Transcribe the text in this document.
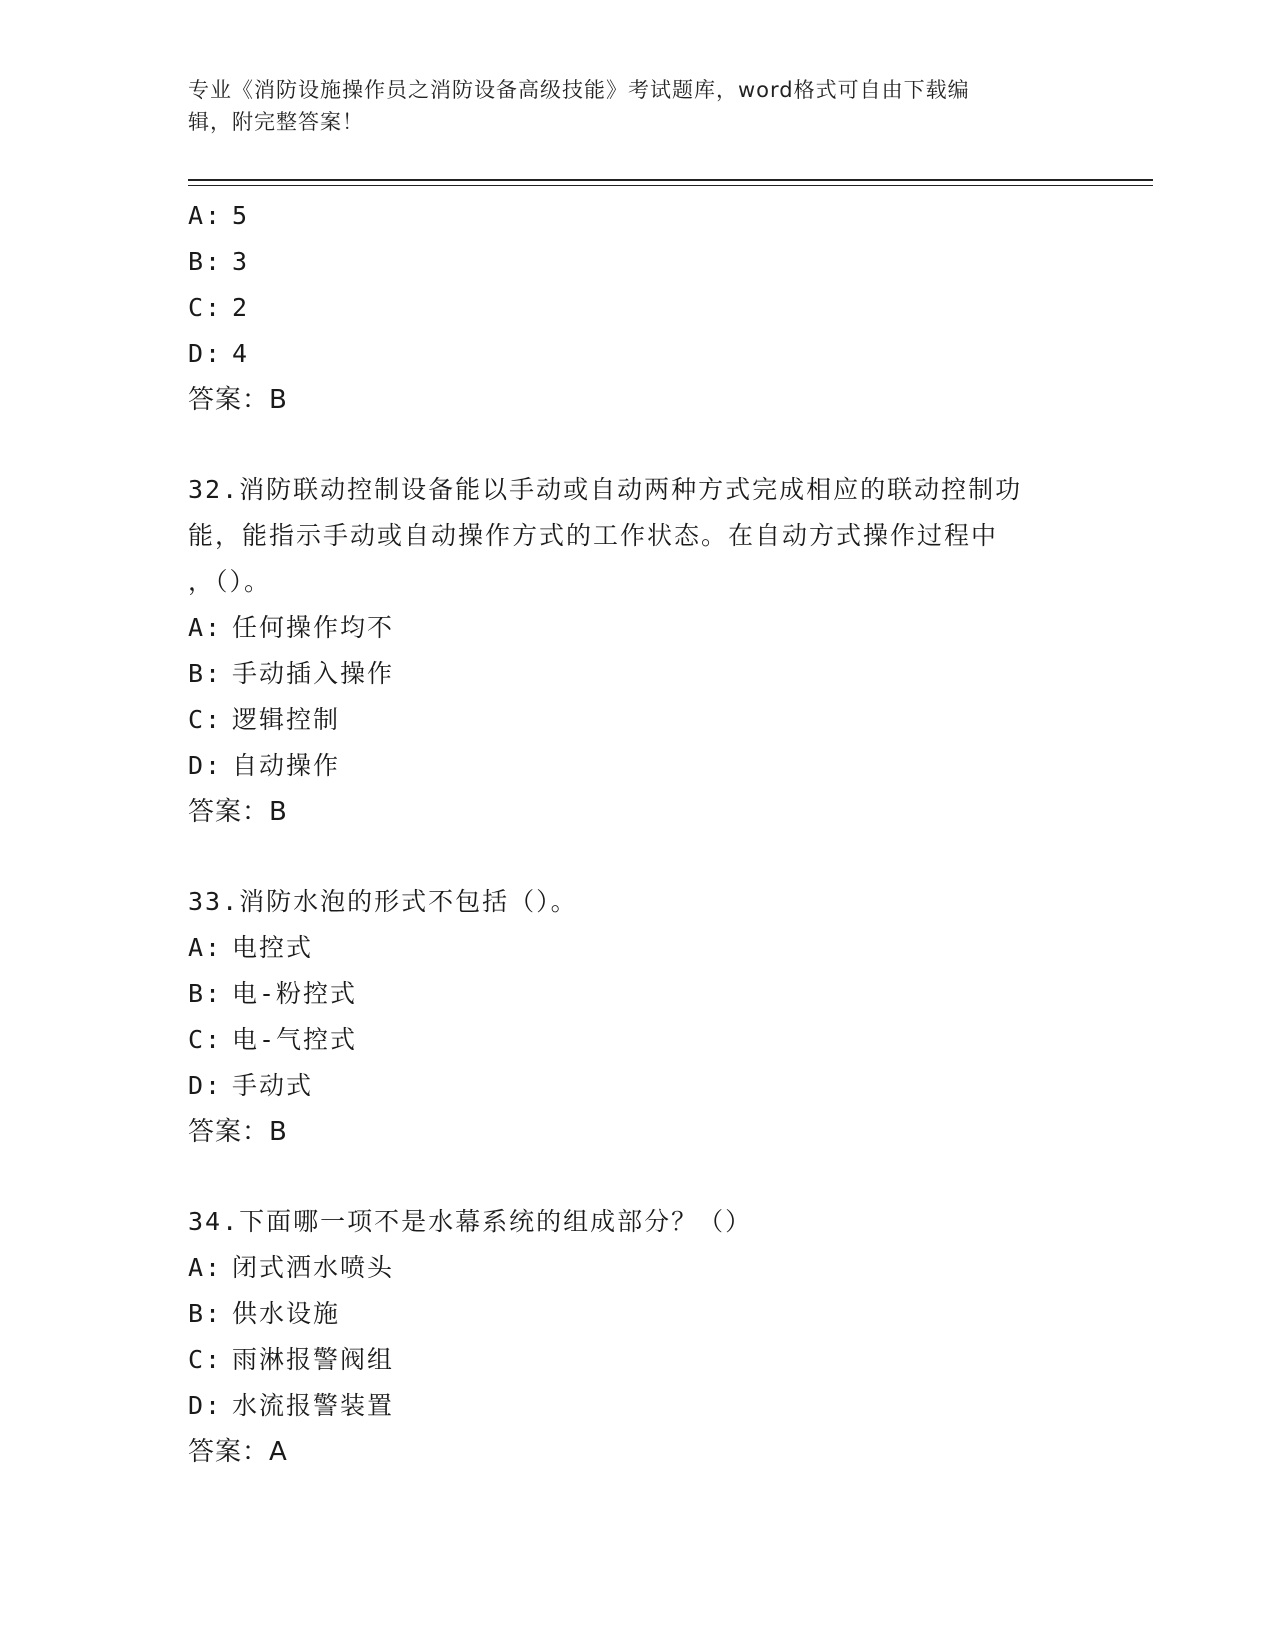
专业《消防设施操作员之消防设备高级技能》考试题库，word格式可自由下载编
辑，附完整答案！
A: 5
B: 3
C: 2
D: 4
答案：B
32.消防联动控制设备能以手动或自动两种方式完成相应的联动控制功
能，能指示手动或自动操作方式的工作状态。在自动方式操作过程中
，（）。
A: 任何操作均不
B: 手动插入操作
C: 逻辑控制
D: 自动操作
答案：B
33.消防水泡的形式不包括（）。
A: 电控式
B: 电-粉控式
C: 电-气控式
D: 手动式
答案：B
34.下面哪一项不是水幕系统的组成部分？（）
A: 闭式洒水喷头
B: 供水设施
C: 雨淋报警阀组
D: 水流报警装置
答案：A
